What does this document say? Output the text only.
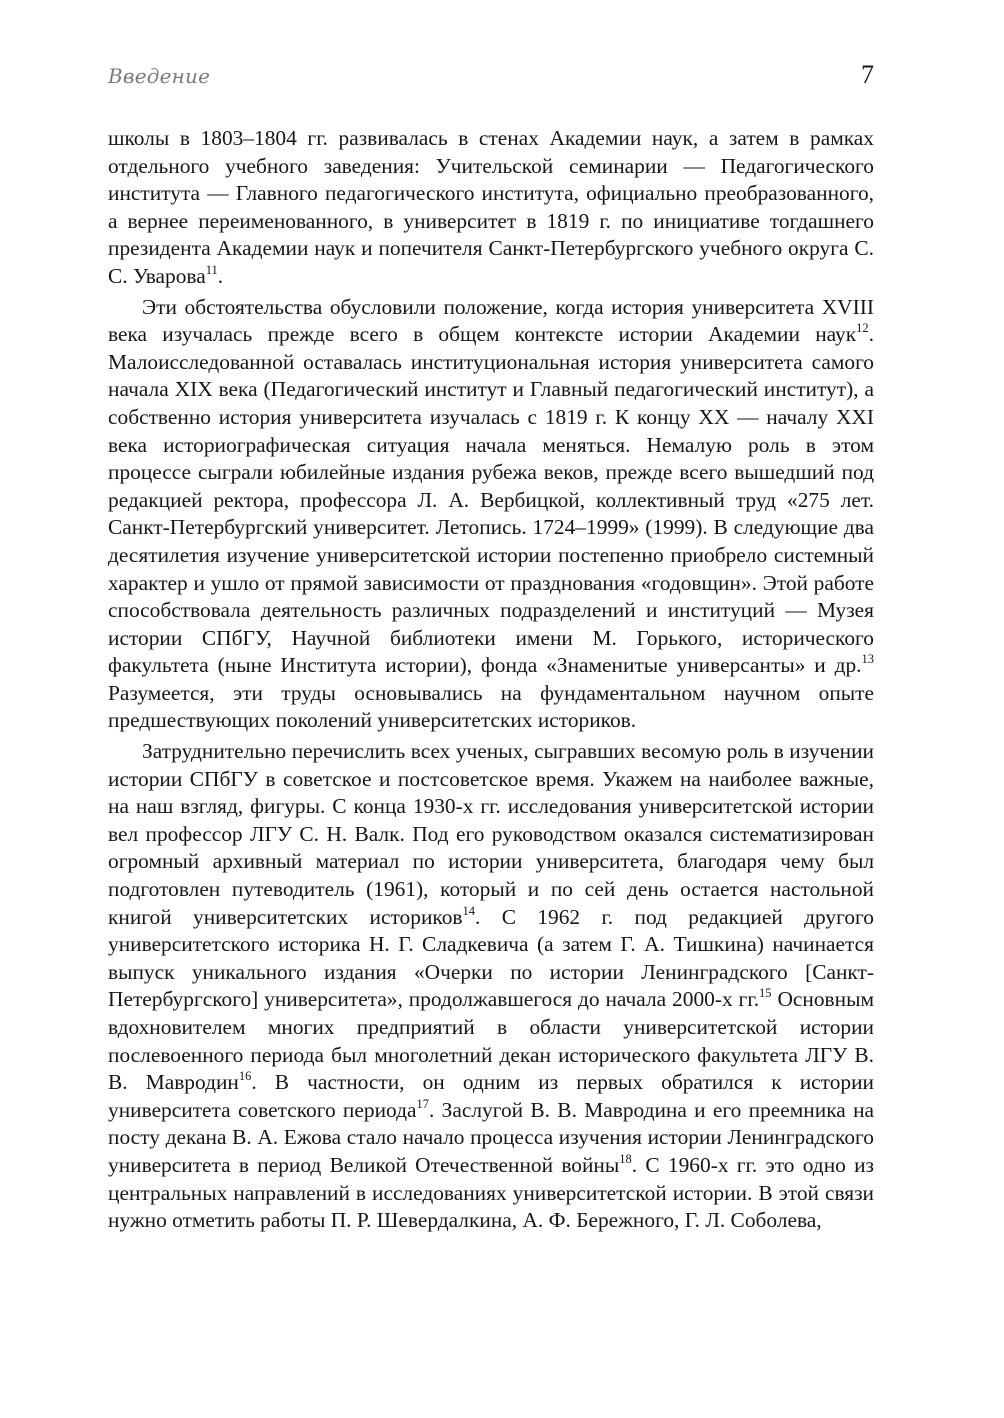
Введение	7

школы в 1803–1804 гг. развивалась в стенах Академии наук, а затем в рамках отдельного учебного заведения: Учительской семинарии — Педагогического института — Главного педагогического института, официально преобразованного, а вернее переименованного, в университет в 1819 г. по инициативе тогдашнего президента Академии наук и попечителя Санкт-Петербургского учебного округа С. С. Уварова$^{11}$.

Эти обстоятельства обусловили положение, когда история университета XVIII века изучалась прежде всего в общем контексте истории Академии наук$^{12}$. Малоисследованной оставалась институциональная история университета самого начала XIX века (Педагогический институт и Главный педагогический институт), а собственно история университета изучалась с 1819 г. К концу XX — началу XXI века историографическая ситуация начала меняться. Немалую роль в этом процессе сыграли юбилейные издания рубежа веков, прежде всего вышедший под редакцией ректора, профессора Л. А. Вербицкой, коллективный труд «275 лет. Санкт-Петербургский университет. Летопись. 1724–1999» (1999). В следующие два десятилетия изучение университетской истории постепенно приобрело системный характер и ушло от прямой зависимости от празднования «годовщин». Этой работе способствовала деятельность различных подразделений и институций — Музея истории СПбГУ, Научной библиотеки имени М. Горького, исторического факультета (ныне Института истории), фонда «Знаменитые универсанты» и др.$^{13}$ Разумеется, эти труды основывались на фундаментальном научном опыте предшествующих поколений университетских историков.

Затруднительно перечислить всех ученых, сыгравших весомую роль в изучении истории СПбГУ в советское и постсоветское время. Укажем на наиболее важные, на наш взгляд, фигуры. С конца 1930-х гг. исследования университетской истории вел профессор ЛГУ С. Н. Валк. Под его руководством оказался систематизирован огромный архивный материал по истории университета, благодаря чему был подготовлен путеводитель (1961), который и по сей день остается настольной книгой университетских историков$^{14}$. С 1962 г. под редакцией другого университетского историка Н. Г. Сладкевича (а затем Г. А. Тишкина) начинается выпуск уникального издания «Очерки по истории Ленинградского [Санкт-Петербургского] университета», продолжавшегося до начала 2000-х гг.$^{15}$ Основным вдохновителем многих предприятий в области университетской истории послевоенного периода был многолетний декан исторического факультета ЛГУ В. В. Мавродин$^{16}$. В частности, он одним из первых обратился к истории университета советского периода$^{17}$. Заслугой В. В. Мавродина и его преемника на посту декана В. А. Ежова стало начало процесса изучения истории Ленинградского университета в период Великой Отечественной войны$^{18}$. С 1960-х гг. это одно из центральных направлений в исследованиях университетской истории. В этой связи нужно отметить работы П. Р. Шевердалкина, А. Ф. Бережного, Г. Л. Соболева,
